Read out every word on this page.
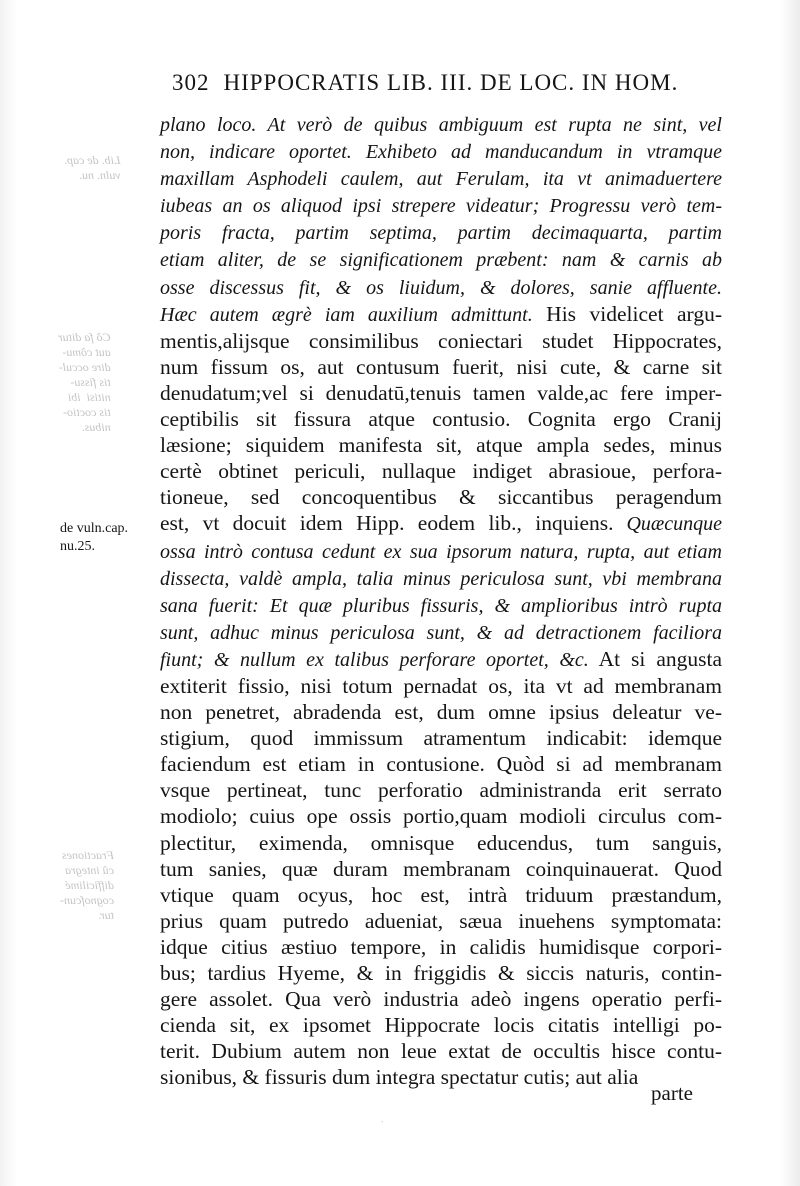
Lib. de cap.
vuln. nu.
Cõ fa ditur
aut cõmu-
dire occul-
tis fissu-
nitisi  ibi
tis coctio-
nibus.
Fractiones
cũ integra
difficilimé
cognofcun-
tur.
302 HIPPOCRATIS LIB. III. DE LOC. IN HOM.
de vuln.cap.
nu.25.
plano loco. At verò de quibus ambiguum est rupta ne sint, vel
non, indicare oportet. Exhibeto ad manducandum in vtramque
maxillam Asphodeli caulem, aut Ferulam, ita vt animaduertere
iubeas an os aliquod ipsi strepere videatur; Progressu verò tem-
poris fracta, partim septima, partim decimaquarta, partim
etiam aliter, de se significationem præbent: nam & carnis ab
osse discessus fit, & os liuidum, & dolores, sanie affluente.
Hæc autem ægrè iam auxilium admittunt. His videlicet argu-
mentis,alijsque consimilibus coniectari studet Hippocrates,
num fissum os, aut contusum fuerit, nisi cute, & carne sit
denudatum;vel si denudatū,tenuis tamen valde,ac fere imper-
ceptibilis sit fissura atque contusio. Cognita ergo Cranij
læsione; siquidem manifesta sit, atque ampla sedes, minus
certè obtinet periculi, nullaque indiget abrasioue, perfora-
tioneue, sed concoquentibus & siccantibus peragendum
est, vt docuit idem Hipp. eodem lib., inquiens. Quæcunque
ossa intrò contusa cedunt ex sua ipsorum natura, rupta, aut etiam
dissecta, valdè ampla, talia minus periculosa sunt, vbi membrana
sana fuerit: Et quæ pluribus fissuris, & amplioribus intrò rupta
sunt, adhuc minus periculosa sunt, & ad detractionem faciliora
fiunt; & nullum ex talibus perforare oportet, &c. At si angusta
extiterit fissio, nisi totum pernadat os, ita vt ad membranam
non penetret, abradenda est, dum omne ipsius deleatur ve-
stigium, quod immissum atramentum indicabit: idemque
faciendum est etiam in contusione. Quòd si ad membranam
vsque pertineat, tunc perforatio administranda erit serrato
modiolo; cuius ope ossis portio,quam modioli circulus com-
plectitur, eximenda, omnisque educendus, tum sanguis,
tum sanies, quæ duram membranam coinquinauerat. Quod
vtique quam ocyus, hoc est, intrà triduum præstandum,
prius quam putredo adueniat, sæua inuehens symptomata:
idque citius æstiuo tempore, in calidis humidisque corpori-
bus; tardius Hyeme, & in friggidis & siccis naturis, contin-
gere assolet. Qua verò industria adeò ingens operatio perfi-
cienda sit, ex ipsomet Hippocrate locis citatis intelligi po-
terit. Dubium autem non leue extat de occultis hisce contu-
sionibus, & fissuris dum integra spectatur cutis; aut alia
parte
·
